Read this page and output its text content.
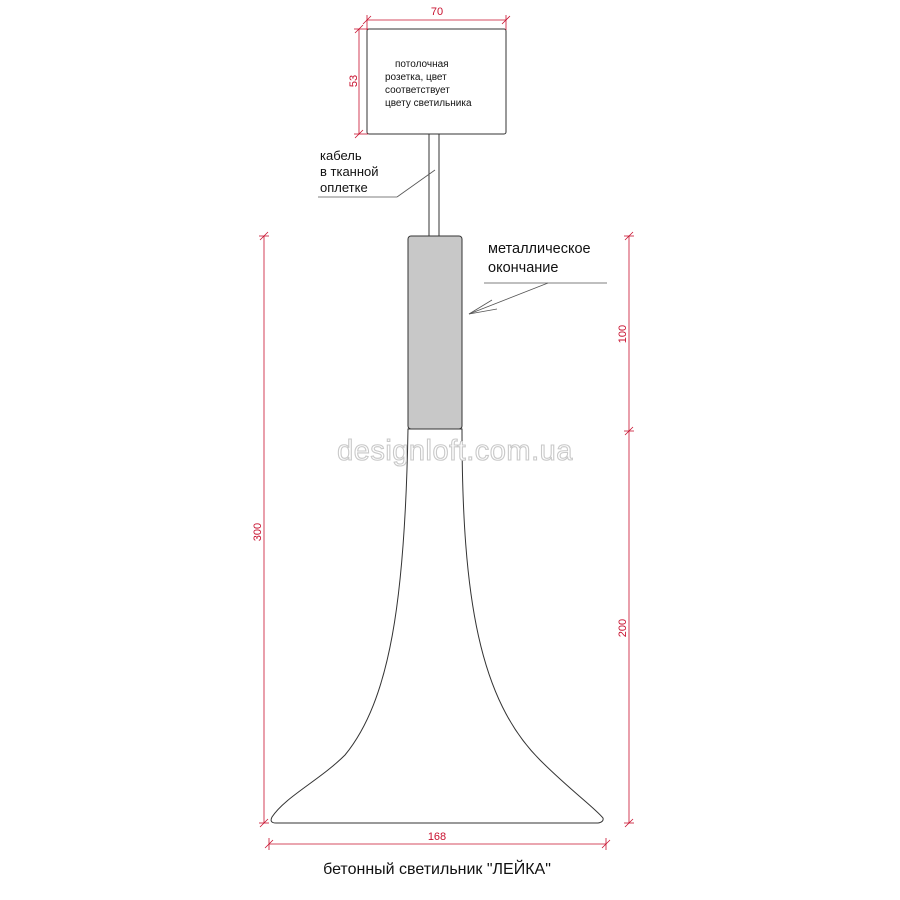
потолочная
розетка, цвет
соответствует
цвету светильника
70
53
кабель
в тканной
оплетке
металлическое
окончание
300
100
200
168
designloft.com.ua
бетонный светильник "ЛЕЙКА"
